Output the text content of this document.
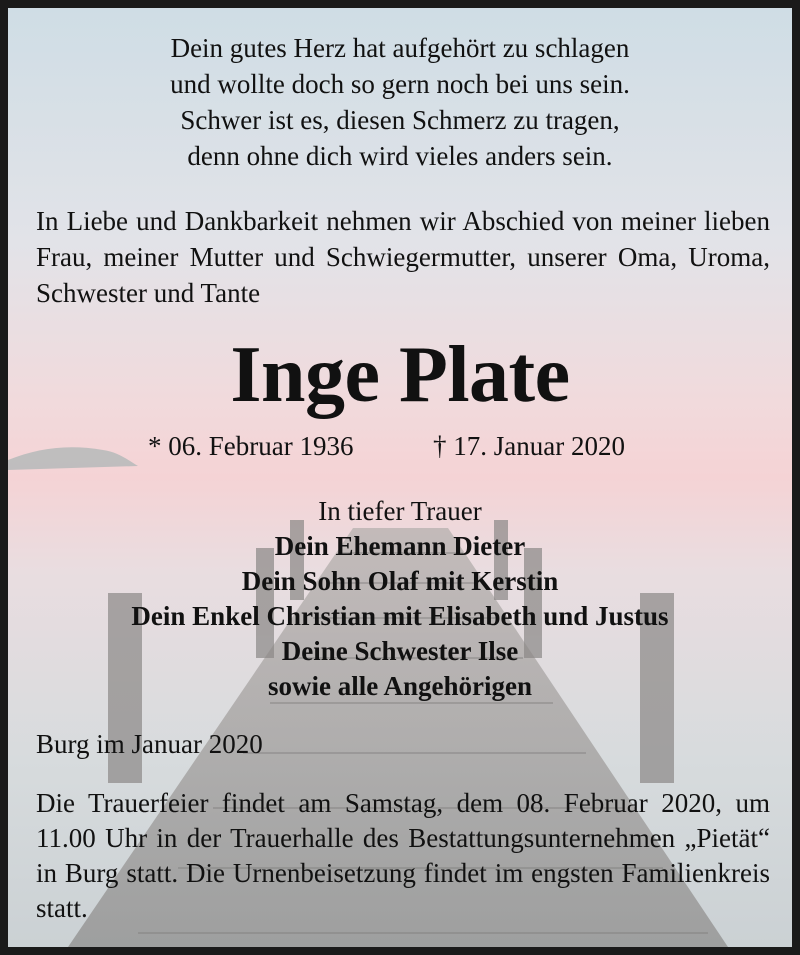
Dein gutes Herz hat aufgehört zu schlagen
und wollte doch so gern noch bei uns sein.
Schwer ist es, diesen Schmerz zu tragen,
denn ohne dich wird vieles anders sein.

In Liebe und Dankbarkeit nehmen wir Abschied von meiner lieben Frau, meiner Mutter und Schwiegermutter, unserer Oma, Uroma, Schwester und Tante

Inge Plate
* 06. Februar 1936	† 17. Januar 2020
In tiefer Trauer
Dein Ehemann Dieter
Dein Sohn Olaf mit Kerstin
Dein Enkel Christian mit Elisabeth und Justus
Deine Schwester Ilse
sowie alle Angehörigen
Burg im Januar 2020

Die Trauerfeier findet am Samstag, dem 08. Februar 2020, um 11.00 Uhr in der Trauerhalle des Bestattungsunternehmen „Pietät“ in Burg statt. Die Urnenbeisetzung findet im engsten Familienkreis statt.
